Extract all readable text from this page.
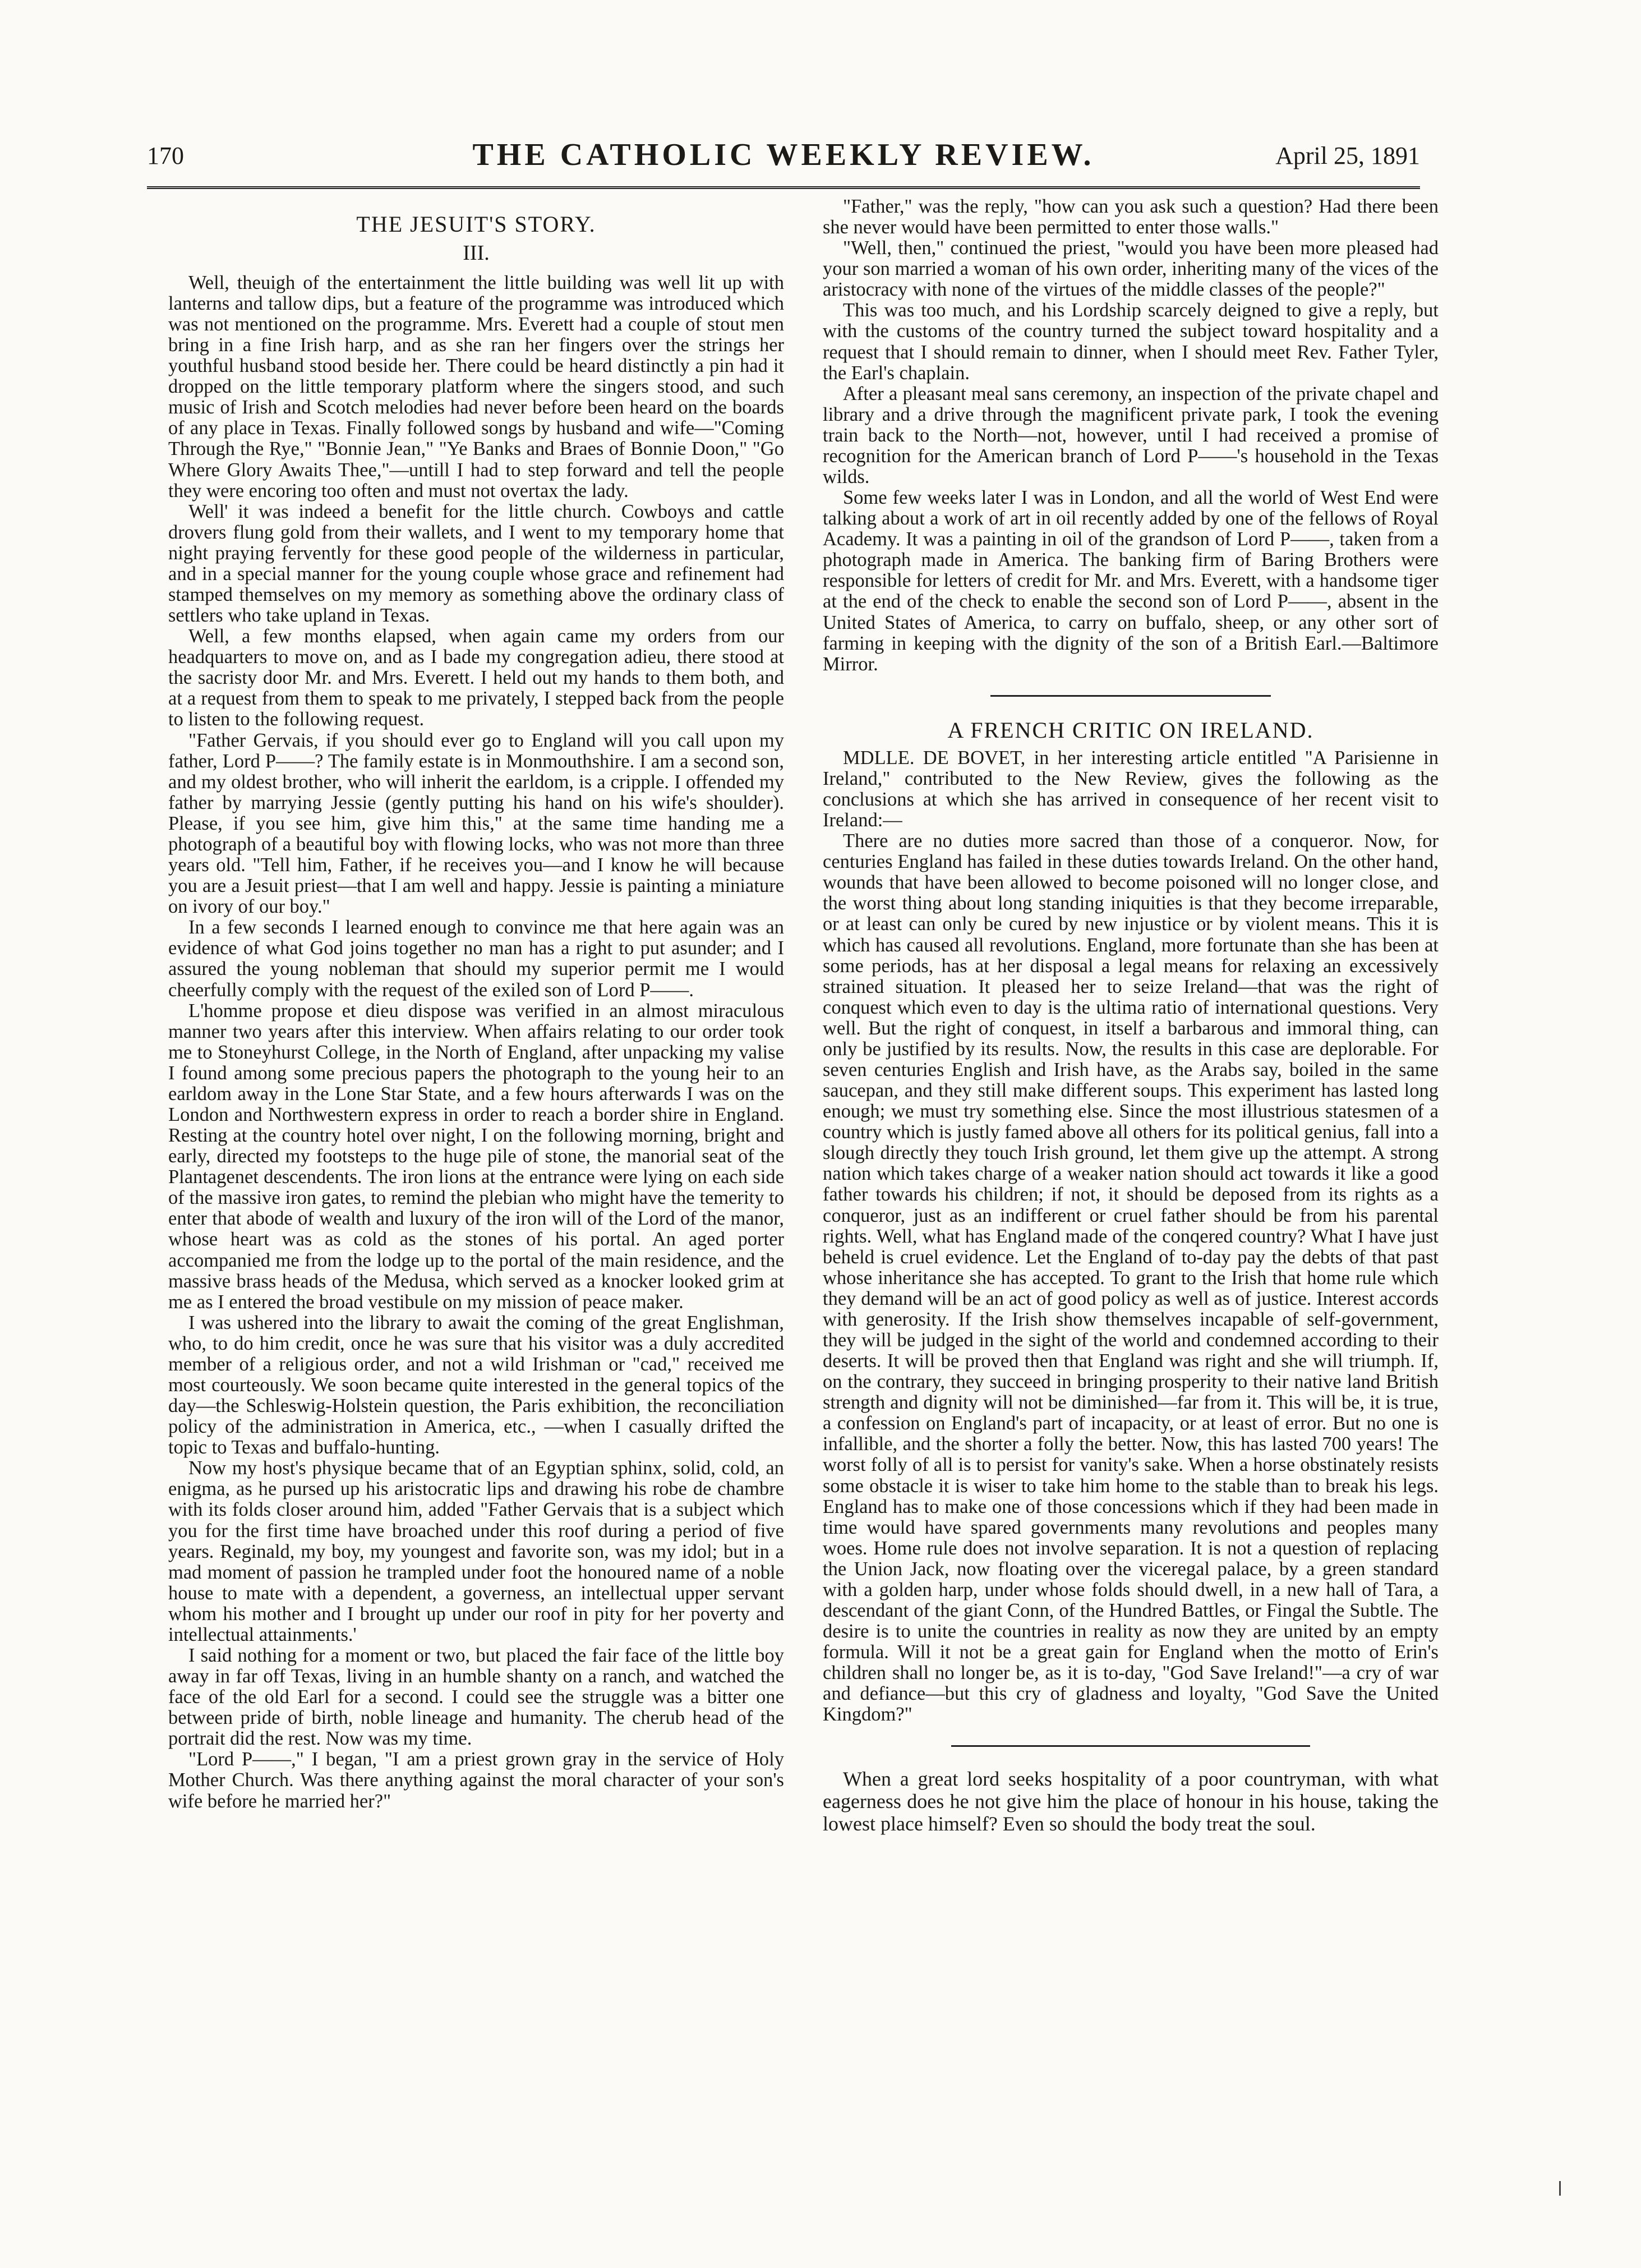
170	THE CATHOLIC WEEKLY REVIEW.	April 25, 1891
THE JESUIT'S STORY.
III.

Well, theuigh of the entertainment the little building was well lit up with lanterns and tallow dips, but a feature of the programme was introduced which was not mentioned on the programme. Mrs. Everett had a couple of stout men bring in a fine Irish harp, and as she ran her fingers over the strings her youthful husband stood beside her. There could be heard distinctly a pin had it dropped on the little temporary platform where the singers stood, and such music of Irish and Scotch melodies had never before been heard on the boards of any place in Texas. Finally followed songs by husband and wife—"Coming Through the Rye," "Bonnie Jean," "Ye Banks and Braes of Bonnie Doon," "Go Where Glory Awaits Thee,"—untill I had to step forward and tell the people they were encoring too often and must not overtax the lady.

Well' it was indeed a benefit for the little church. Cowboys and cattle drovers flung gold from their wallets, and I went to my temporary home that night praying fervently for these good people of the wilderness in particular, and in a special manner for the young couple whose grace and refinement had stamped themselves on my memory as something above the ordinary class of settlers who take upland in Texas.

Well, a few months elapsed, when again came my orders from our headquarters to move on, and as I bade my congregation adieu, there stood at the sacristy door Mr. and Mrs. Everett. I held out my hands to them both, and at a request from them to speak to me privately, I stepped back from the people to listen to the following request.

"Father Gervais, if you should ever go to England will you call upon my father, Lord P——? The family estate is in Monmouthshire. I am a second son, and my oldest brother, who will inherit the earldom, is a cripple. I offended my father by marrying Jessie (gently putting his hand on his wife's shoulder). Please, if you see him, give him this," at the same time handing me a photograph of a beautiful boy with flowing locks, who was not more than three years old. "Tell him, Father, if he receives you—and I know he will because you are a Jesuit priest—that I am well and happy. Jessie is painting a miniature on ivory of our boy."

In a few seconds I learned enough to convince me that here again was an evidence of what God joins together no man has a right to put asunder; and I assured the young nobleman that should my superior permit me I would cheerfully comply with the request of the exiled son of Lord P——.

L'homme propose et dieu dispose was verified in an almost miraculous manner two years after this interview. When affairs relating to our order took me to Stoneyhurst College, in the North of England, after unpacking my valise I found among some precious papers the photograph to the young heir to an earldom away in the Lone Star State, and a few hours afterwards I was on the London and Northwestern express in order to reach a border shire in England. Resting at the country hotel over night, I on the following morning, bright and early, directed my footsteps to the huge pile of stone, the manorial seat of the Plantagenet descendents. The iron lions at the entrance were lying on each side of the massive iron gates, to remind the plebian who might have the temerity to enter that abode of wealth and luxury of the iron will of the Lord of the manor, whose heart was as cold as the stones of his portal. An aged porter accompanied me from the lodge up to the portal of the main residence, and the massive brass heads of the Medusa, which served as a knocker looked grim at me as I entered the broad vestibule on my mission of peace maker.

I was ushered into the library to await the coming of the great Englishman, who, to do him credit, once he was sure that his visitor was a duly accredited member of a religious order, and not a wild Irishman or "cad," received me most courteously. We soon became quite interested in the general topics of the day—the Schleswig-Holstein question, the Paris exhibition, the reconciliation policy of the administration in America, etc., —when I casually drifted the topic to Texas and buffalo-hunting.

Now my host's physique became that of an Egyptian sphinx, solid, cold, an enigma, as he pursed up his aristocratic lips and drawing his robe de chambre with its folds closer around him, added "Father Gervais that is a subject which you for the first time have broached under this roof during a period of five years. Reginald, my boy, my youngest and favorite son, was my idol; but in a mad moment of passion he trampled under foot the honoured name of a noble house to mate with a dependent, a governess, an intellectual upper servant whom his mother and I brought up under our roof in pity for her poverty and intellectual attainments.'

I said nothing for a moment or two, but placed the fair face of the little boy away in far off Texas, living in an humble shanty on a ranch, and watched the face of the old Earl for a second. I could see the struggle was a bitter one between pride of birth, noble lineage and humanity. The cherub head of the portrait did the rest. Now was my time.

"Lord P——," I began, "I am a priest grown gray in the service of Holy Mother Church. Was there anything against the moral character of your son's wife before he married her?"

"Father," was the reply, "how can you ask such a question? Had there been she never would have been permitted to enter those walls."

"Well, then," continued the priest, "would you have been more pleased had your son married a woman of his own order, inheriting many of the vices of the aristocracy with none of the virtues of the middle classes of the people?"

This was too much, and his Lordship scarcely deigned to give a reply, but with the customs of the country turned the subject toward hospitality and a request that I should remain to dinner, when I should meet Rev. Father Tyler, the Earl's chaplain.

After a pleasant meal sans ceremony, an inspection of the private chapel and library and a drive through the magnificent private park, I took the evening train back to the North—not, however, until I had received a promise of recognition for the American branch of Lord P——'s household in the Texas wilds.

Some few weeks later I was in London, and all the world of West End were talking about a work of art in oil recently added by one of the fellows of Royal Academy. It was a painting in oil of the grandson of Lord P——, taken from a photograph made in America. The banking firm of Baring Brothers were responsible for letters of credit for Mr. and Mrs. Everett, with a handsome tiger at the end of the check to enable the second son of Lord P——, absent in the United States of America, to carry on buffalo, sheep, or any other sort of farming in keeping with the dignity of the son of a British Earl.—Baltimore Mirror.

A FRENCH CRITIC ON IRELAND.

MDLLE. DE BOVET, in her interesting article entitled "A Parisienne in Ireland," contributed to the New Review, gives the following as the conclusions at which she has arrived in consequence of her recent visit to Ireland:—

There are no duties more sacred than those of a conqueror. Now, for centuries England has failed in these duties towards Ireland. On the other hand, wounds that have been allowed to become poisoned will no longer close, and the worst thing about long standing iniquities is that they become irreparable, or at least can only be cured by new injustice or by violent means. This it is which has caused all revolutions. England, more fortunate than she has been at some periods, has at her disposal a legal means for relaxing an excessively strained situation. It pleased her to seize Ireland—that was the right of conquest which even to day is the ultima ratio of international questions. Very well. But the right of conquest, in itself a barbarous and immoral thing, can only be justified by its results. Now, the results in this case are deplorable. For seven centuries English and Irish have, as the Arabs say, boiled in the same saucepan, and they still make different soups. This experiment has lasted long enough; we must try something else. Since the most illustrious statesmen of a country which is justly famed above all others for its political genius, fall into a slough directly they touch Irish ground, let them give up the attempt. A strong nation which takes charge of a weaker nation should act towards it like a good father towards his children; if not, it should be deposed from its rights as a conqueror, just as an indifferent or cruel father should be from his parental rights. Well, what has England made of the conqered country? What I have just beheld is cruel evidence. Let the England of to-day pay the debts of that past whose inheritance she has accepted. To grant to the Irish that home rule which they demand will be an act of good policy as well as of justice. Interest accords with generosity. If the Irish show themselves incapable of self-government, they will be judged in the sight of the world and condemned according to their deserts. It will be proved then that England was right and she will triumph. If, on the contrary, they succeed in bringing prosperity to their native land British strength and dignity will not be diminished—far from it. This will be, it is true, a confession on England's part of incapacity, or at least of error. But no one is infallible, and the shorter a folly the better. Now, this has lasted 700 years! The worst folly of all is to persist for vanity's sake. When a horse obstinately resists some obstacle it is wiser to take him home to the stable than to break his legs. England has to make one of those concessions which if they had been made in time would have spared governments many revolutions and peoples many woes. Home rule does not involve separation. It is not a question of replacing the Union Jack, now floating over the viceregal palace, by a green standard with a golden harp, under whose folds should dwell, in a new hall of Tara, a descendant of the giant Conn, of the Hundred Battles, or Fingal the Subtle. The desire is to unite the countries in reality as now they are united by an empty formula. Will it not be a great gain for England when the motto of Erin's children shall no longer be, as it is to-day, "God Save Ireland!"—a cry of war and defiance—but this cry of gladness and loyalty, "God Save the United Kingdom?"

When a great lord seeks hospitality of a poor countryman, with what eagerness does he not give him the place of honour in his house, taking the lowest place himself? Even so should the body treat the soul.
